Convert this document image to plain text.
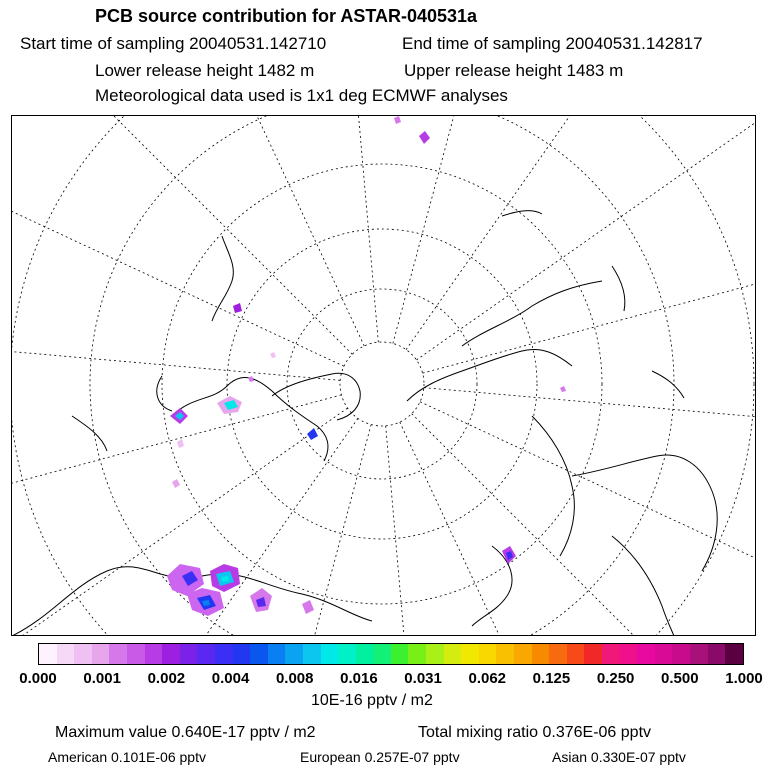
PCB source contribution for ASTAR-040531a
Start time of sampling 20040531.142710	End time of sampling 20040531.142817
Lower release height 1482 m	Upper release height 1483 m
Meteorological data used is 1x1 deg ECMWF analyses
0.000 0.001 0.002 0.004 0.008 0.016 0.031 0.062 0.125 0.250 0.500 1.000
10E-16 pptv / m2
Maximum value 0.640E-17 pptv / m2	Total mixing ratio 0.376E-06 pptv
American 0.101E-06 pptv	European 0.257E-07 pptv	Asian 0.330E-07 pptv
